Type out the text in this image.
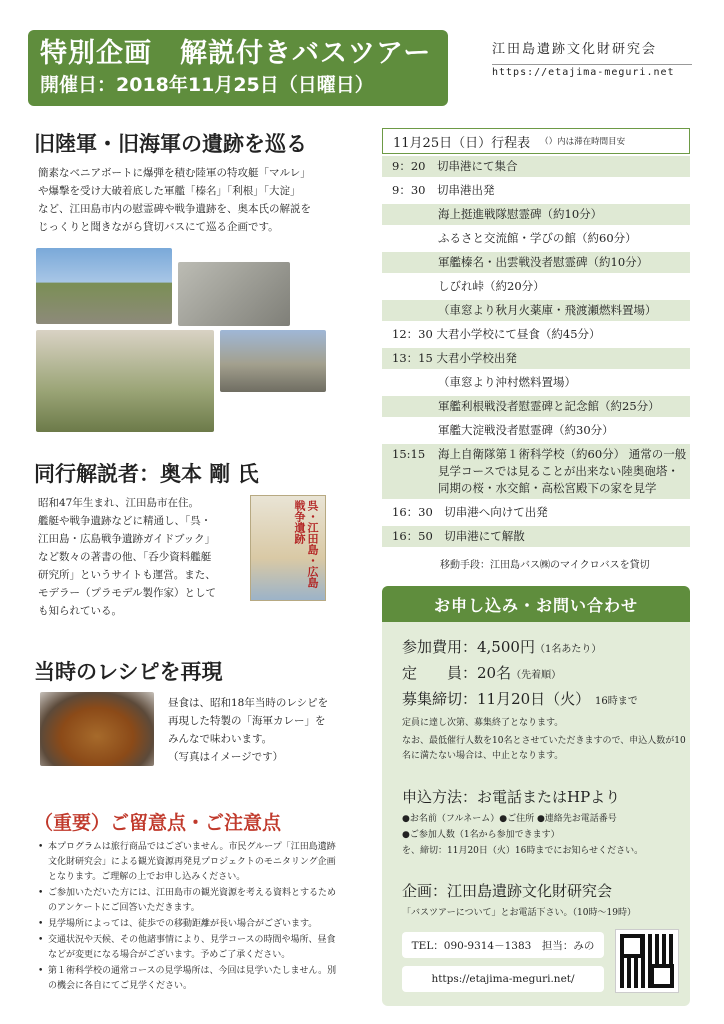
特別企画　解説付きバスツアー
開催日：2018年11月25日（日曜日）
江田島遺跡文化財研究会
https://etajima-meguri.net
旧陸軍・旧海軍の遺跡を巡る
簡素なベニアボートに爆弾を積む陸軍の特攻艇「マルレ」
や爆撃を受け大破着底した軍艦「榛名」「利根」「大淀」
など、江田島市内の慰霊碑や戦争遺跡を、奥本氏の解説を
じっくりと聞きながら貸切バスにて巡る企画です。
同行解説者：奥本 剛 氏
昭和47年生まれ、江田島市在住。
艦艇や戦争遺跡などに精通し、「呉・
江田島・広島戦争遺跡ガイドブック」
など数々の著書の他、「呑少資料艦艇
研究所」というサイトも運営。また、
モデラー（プラモデル製作家）として
も知られている。
呉・江田島・広島 戦争遺跡
当時のレシピを再現
昼食は、昭和18年当時のレシピを
再現した特製の「海軍カレー」を
みんなで味わいます。
（写真はイメージです）
（重要）ご留意点・ご注意点
• 本プログラムは旅行商品ではございません。市民グループ「江田島遺跡文化財研究会」による観光資源再発見プロジェクトのモニタリング企画となります。ご理解の上でお申し込みください。
• ご参加いただいた方には、江田島市の観光資源を考える資料とするためのアンケートにご回答いただきます。
• 見学場所によっては、徒歩での移動距離が長い場合がございます。
• 交通状況や天候、その他諸事情により、見学コースの時間や場所、昼食などが変更になる場合がございます。予めご了承ください。
• 第１術科学校の通常コースの見学場所は、今回は見学いたしません。別の機会に各自にてご見学ください。
11月25日（日）行程表 （）内は滞在時間目安
9：20　切串港にて集合
9：30　切串港出発
海上挺進戦隊慰霊碑（約10分）
ふるさと交流館・学びの館（約60分）
軍艦榛名・出雲戦没者慰霊碑（約10分）
しびれ峠（約20分）
（車窓より秋月火薬庫・飛渡瀬燃料置場）
12：30 大君小学校にて昼食（約45分）
13：15 大君小学校出発
（車窓より沖村燃料置場）
軍艦利根戦没者慰霊碑と記念館（約25分）
軍艦大淀戦没者慰霊碑（約30分）
15:15	海上自衛隊第１術科学校（約60分） 通常の一般見学コースでは見ることが出来ない陸奥砲塔・同期の桜・水交館・高松宮殿下の家を見学
16：30　切串港へ向けて出発
16：50　切串港にて解散
移動手段：江田島バス㈱のマイクロバスを貸切
お申し込み・お問い合わせ
参加費用：4,500円（1名あたり）
定　　員：20名（先着順）
募集締切：11月20日（火） 16時まで
定員に達し次第、募集終了となります。
なお、最低催行人数を10名とさせていただきますので、申込人数が10名に満たない場合は、中止となります。
申込方法：お電話またはHPより
●お名前（フルネーム）●ご住所 ●連絡先お電話番号
●ご参加人数（1名から参加できます）
を、締切：11月20日（火）16時までにお知らせください。
企画：江田島遺跡文化財研究会
「バスツアーについて」とお電話下さい。（10時〜19時）
TEL：090-9314－1383　担当：みの
https://etajima-meguri.net/
